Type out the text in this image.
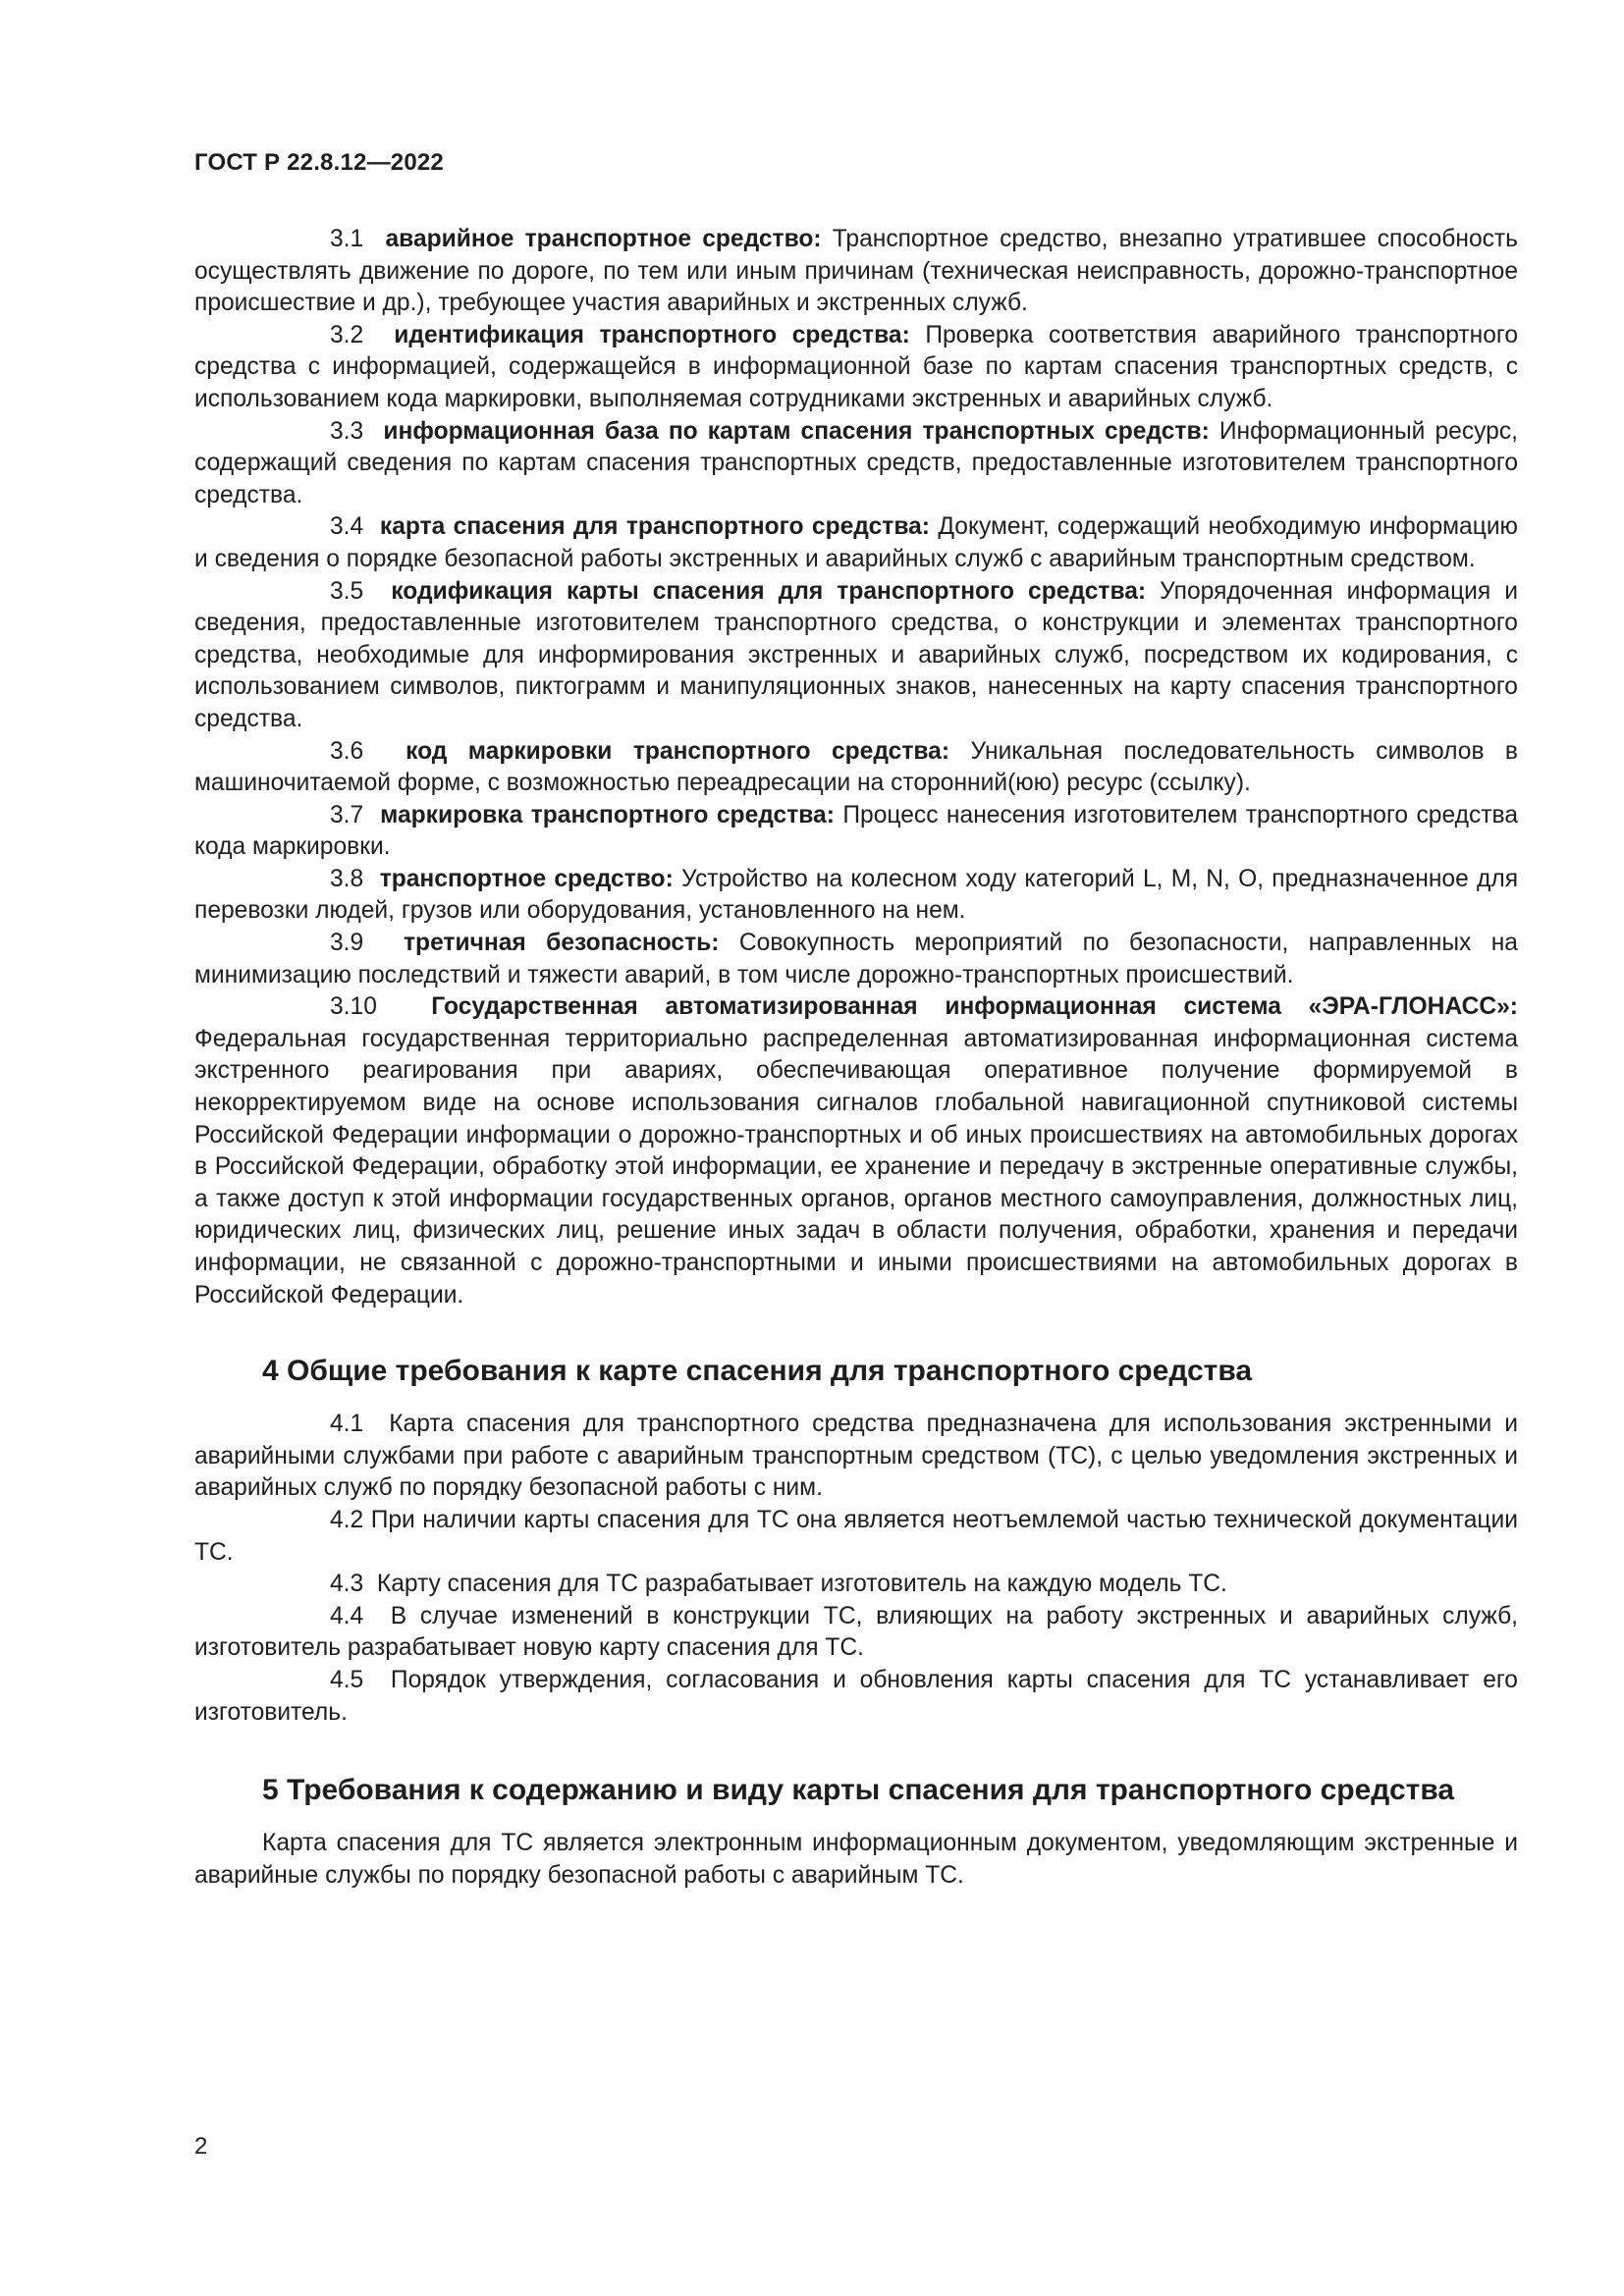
ГОСТ Р 22.8.12—2022

3.1 аварийное транспортное средство: Транспортное средство, внезапно утратившее способность осуществлять движение по дороге, по тем или иным причинам (техническая неисправность, дорожно-транспортное происшествие и др.), требующее участия аварийных и экстренных служб.

3.2 идентификация транспортного средства: Проверка соответствия аварийного транспортного средства с информацией, содержащейся в информационной базе по картам спасения транспортных средств, с использованием кода маркировки, выполняемая сотрудниками экстренных и аварийных служб.

3.3 информационная база по картам спасения транспортных средств: Информационный ресурс, содержащий сведения по картам спасения транспортных средств, предоставленные изготовителем транспортного средства.

3.4 карта спасения для транспортного средства: Документ, содержащий необходимую информацию и сведения о порядке безопасной работы экстренных и аварийных служб с аварийным транспортным средством.

3.5 кодификация карты спасения для транспортного средства: Упорядоченная информация и сведения, предоставленные изготовителем транспортного средства, о конструкции и элементах транспортного средства, необходимые для информирования экстренных и аварийных служб, посредством их кодирования, с использованием символов, пиктограмм и манипуляционных знаков, нанесенных на карту спасения транспортного средства.

3.6 код маркировки транспортного средства: Уникальная последовательность символов в машиночитаемой форме, с возможностью переадресации на сторонний(юю) ресурс (ссылку).

3.7 маркировка транспортного средства: Процесс нанесения изготовителем транспортного средства кода маркировки.

3.8 транспортное средство: Устройство на колесном ходу категорий L, M, N, O, предназначенное для перевозки людей, грузов или оборудования, установленного на нем.

3.9 третичная безопасность: Совокупность мероприятий по безопасности, направленных на минимизацию последствий и тяжести аварий, в том числе дорожно-транспортных происшествий.

3.10 Государственная автоматизированная информационная система «ЭРА-ГЛОНАСС»: Федеральная государственная территориально распределенная автоматизированная информационная система экстренного реагирования при авариях, обеспечивающая оперативное получение формируемой в некорректируемом виде на основе использования сигналов глобальной навигационной спутниковой системы Российской Федерации информации о дорожно-транспортных и об иных происшествиях на автомобильных дорогах в Российской Федерации, обработку этой информации, ее хранение и передачу в экстренные оперативные службы, а также доступ к этой информации государственных органов, органов местного самоуправления, должностных лиц, юридических лиц, физических лиц, решение иных задач в области получения, обработки, хранения и передачи информации, не связанной с дорожно-транспортными и иными происшествиями на автомобильных дорогах в Российской Федерации.

4 Общие требования к карте спасения для транспортного средства

4.1 Карта спасения для транспортного средства предназначена для использования экстренными и аварийными службами при работе с аварийным транспортным средством (ТС), с целью уведомления экстренных и аварийных служб по порядку безопасной работы с ним.

4.2 При наличии карты спасения для ТС она является неотъемлемой частью технической документации ТС.

4.3 Карту спасения для ТС разрабатывает изготовитель на каждую модель ТС.

4.4 В случае изменений в конструкции ТС, влияющих на работу экстренных и аварийных служб, изготовитель разрабатывает новую карту спасения для ТС.

4.5 Порядок утверждения, согласования и обновления карты спасения для ТС устанавливает его изготовитель.

5 Требования к содержанию и виду карты спасения для транспортного средства

Карта спасения для ТС является электронным информационным документом, уведомляющим экстренные и аварийные службы по порядку безопасной работы с аварийным ТС.

2
